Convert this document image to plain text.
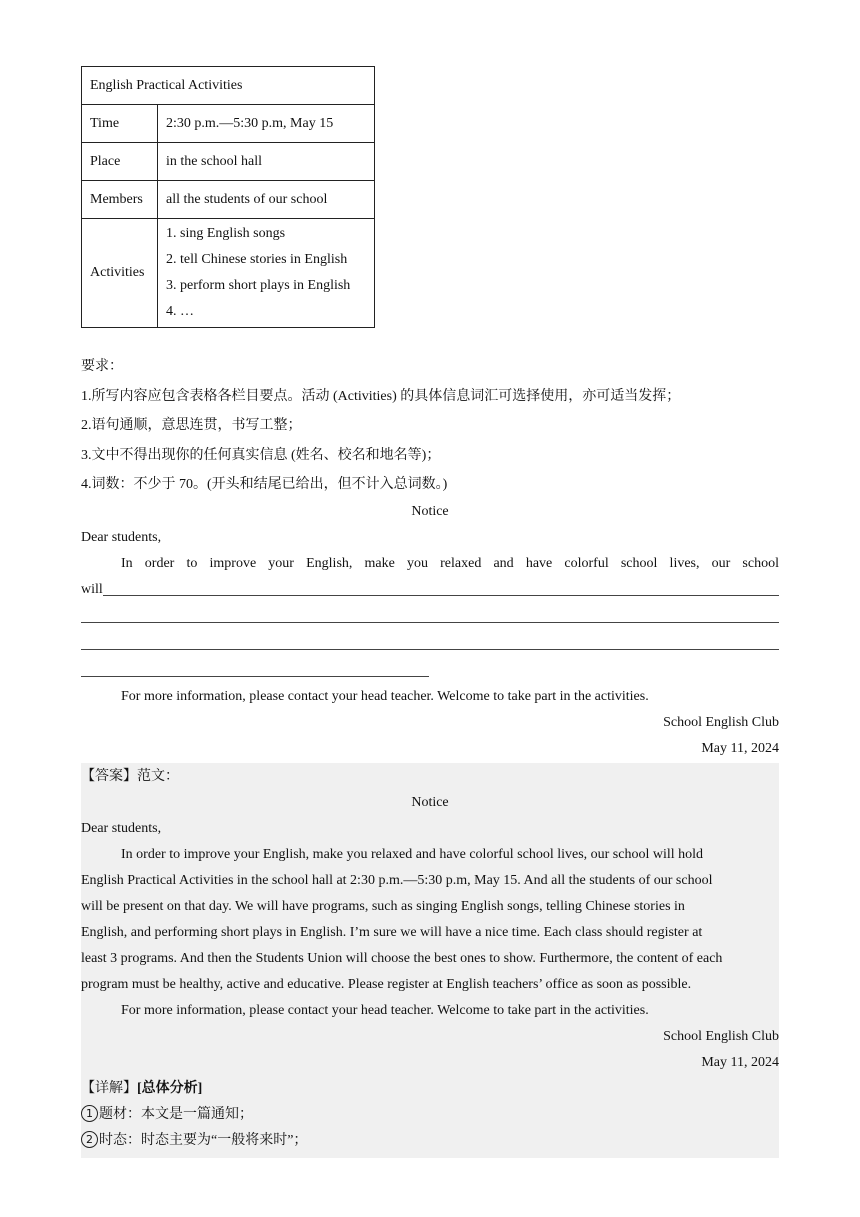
English Practical Activities	
Time	2:30 p.m.—5:30 p.m, May 15
Place	in the school hall
Members	all the students of our school
Activities	1. sing English songs
2. tell Chinese stories in English
3. perform short plays in English
4. …
要求：
1.所写内容应包含表格各栏目要点。活动 (Activities) 的具体信息词汇可选择使用，亦可适当发挥；
2.语句通顺，意思连贯，书写工整；
3.文中不得出现你的任何真实信息 (姓名、校名和地名等)；
4.词数：不少于 70。(开头和结尾已给出，但不计入总词数。)
Notice
Dear students,
In order to improve your English, make you relaxed and have colorful school lives, our school
will
For more information, please contact your head teacher. Welcome to take part in the activities.
School English Club
May 11, 2024

【答案】范文：

Notice

Dear students,

In order to improve your English, make you relaxed and have colorful school lives, our school will hold

English Practical Activities in the school hall at 2:30 p.m.—5:30 p.m, May 15. And all the students of our school

will be present on that day. We will have programs, such as singing English songs, telling Chinese stories in

English, and performing short plays in English. I’m sure we will have a nice time. Each class should register at

least 3 programs. And then the Students Union will choose the best ones to show. Furthermore, the content of each

program must be healthy, active and educative. Please register at English teachers’ office as soon as possible.

For more information, please contact your head teacher. Welcome to take part in the activities.

School English Club

May 11, 2024

【详解】[总体分析]

1 题材：本文是一篇通知；

2 时态：时态主要为“一般将来时”；
